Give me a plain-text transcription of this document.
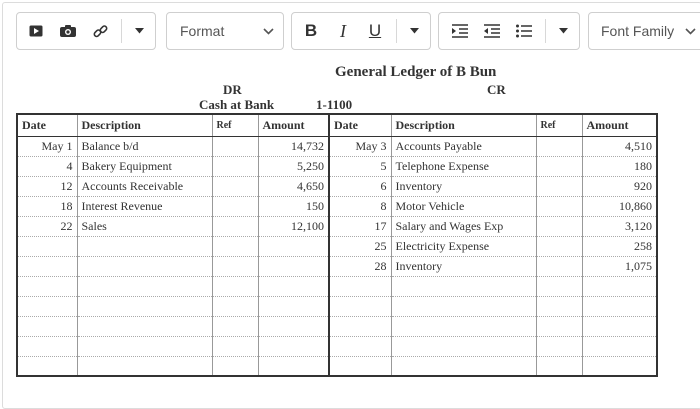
Format	B	I	U	Font Family
General Ledger of B Bun
DR	CR
Cash at Bank	1-1100
Date	Description	Ref	Amount	Date	Description	Ref	Amount
May 1	Balance b/d		14,732	May 3	Accounts Payable		4,510
4	Bakery Equipment		5,250	5	Telephone Expense		180
12	Accounts Receivable		4,650	6	Inventory		920
18	Interest Revenue		150	8	Motor Vehicle		10,860
22	Sales		12,100	17	Salary and Wages Exp		3,120
				25	Electricity Expense		258
				28	Inventory		1,075
